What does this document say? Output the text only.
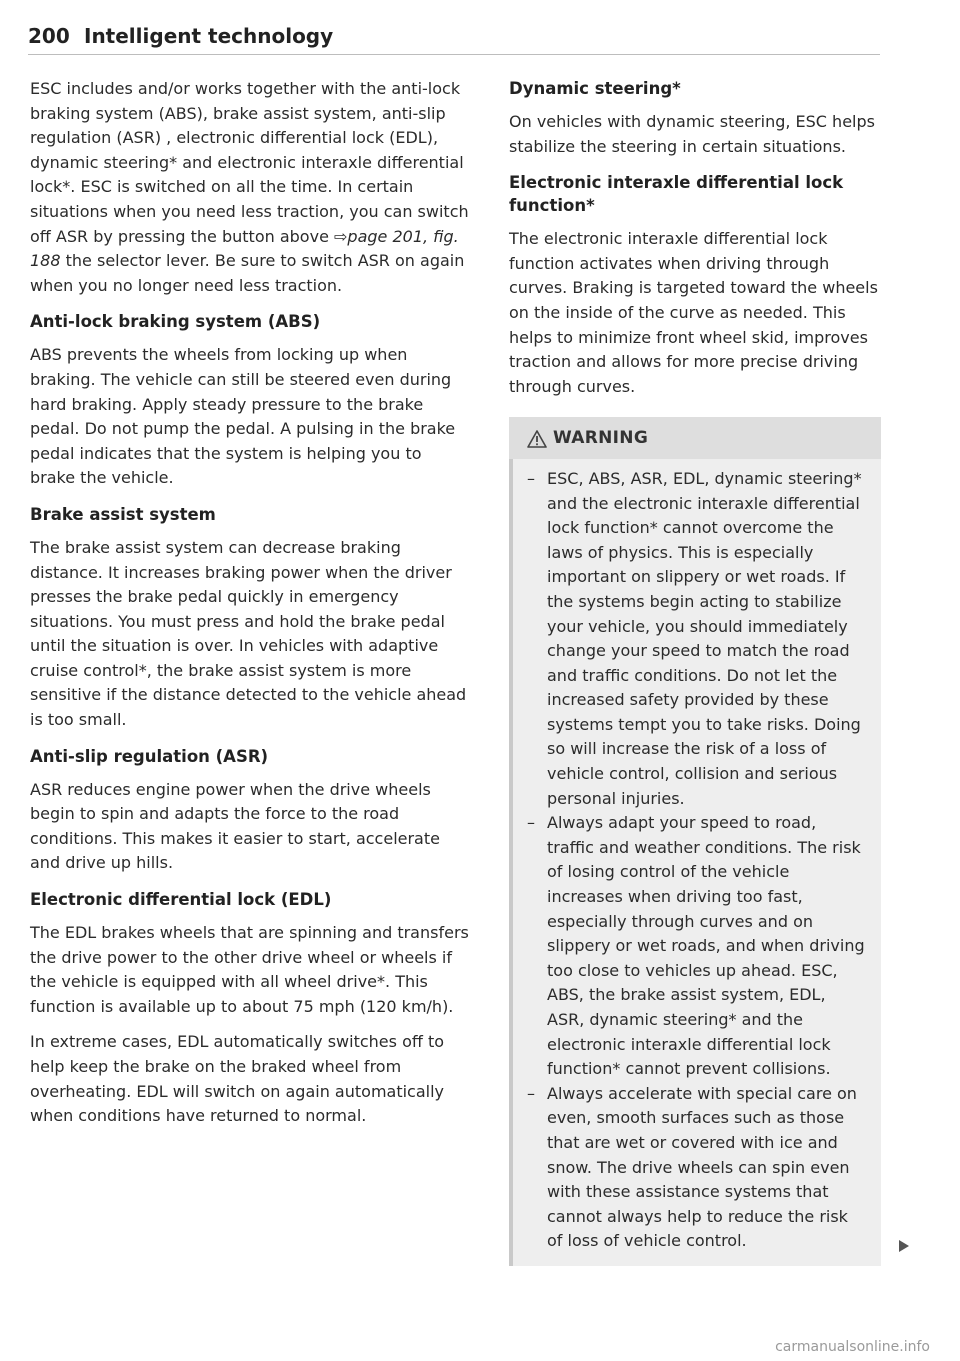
200 Intelligent technology

ESC includes and/or works together with the anti-lock braking system (ABS), brake assist system, anti-slip regulation (ASR) , electronic differential lock (EDL), dynamic steering* and electronic interaxle differential lock*. ESC is switched on all the time. In certain situations when you need less traction, you can switch off ASR by pressing the button above ⇨page 201, fig. 188 the selector lever. Be sure to switch ASR on again when you no longer need less traction.

Anti-lock braking system (ABS)

ABS prevents the wheels from locking up when braking. The vehicle can still be steered even during hard braking. Apply steady pressure to the brake pedal. Do not pump the pedal. A pulsing in the brake pedal indicates that the system is helping you to brake the vehicle.

Brake assist system

The brake assist system can decrease braking distance. It increases braking power when the driver presses the brake pedal quickly in emergency situations. You must press and hold the brake pedal until the situation is over. In vehicles with adaptive cruise control*, the brake assist system is more sensitive if the distance detected to the vehicle ahead is too small.

Anti-slip regulation (ASR)

ASR reduces engine power when the drive wheels begin to spin and adapts the force to the road conditions. This makes it easier to start, accelerate and drive up hills.

Electronic differential lock (EDL)

The EDL brakes wheels that are spinning and transfers the drive power to the other drive wheel or wheels if the vehicle is equipped with all wheel drive*. This function is available up to about 75 mph (120 km/h).

In extreme cases, EDL automatically switches off to help keep the brake on the braked wheel from overheating. EDL will switch on again automatically when conditions have returned to normal.

Dynamic steering*

On vehicles with dynamic steering, ESC helps stabilize the steering in certain situations.

Electronic interaxle differential lock function*

The electronic interaxle differential lock function activates when driving through curves. Braking is targeted toward the wheels on the inside of the curve as needed. This helps to minimize front wheel skid, improves traction and allows for more precise driving through curves.

WARNING
– ESC, ABS, ASR, EDL, dynamic steering* and the electronic interaxle differential lock function* cannot overcome the laws of physics. This is especially important on slippery or wet roads. If the systems begin acting to stabilize your vehicle, you should immediately change your speed to match the road and traffic conditions. Do not let the increased safety provided by these systems tempt you to take risks. Doing so will increase the risk of a loss of vehicle control, collision and serious personal injuries.
– Always adapt your speed to road, traffic and weather conditions. The risk of losing control of the vehicle increases when driving too fast, especially through curves and on slippery or wet roads, and when driving too close to vehicles up ahead. ESC, ABS, the brake assist system, EDL, ASR, dynamic steering* and the electronic interaxle differential lock function* cannot prevent collisions.
– Always accelerate with special care on even, smooth surfaces such as those that are wet or covered with ice and snow. The drive wheels can spin even with these assistance systems that cannot always help to reduce the risk of loss of vehicle control.
carmanualsonline.info
